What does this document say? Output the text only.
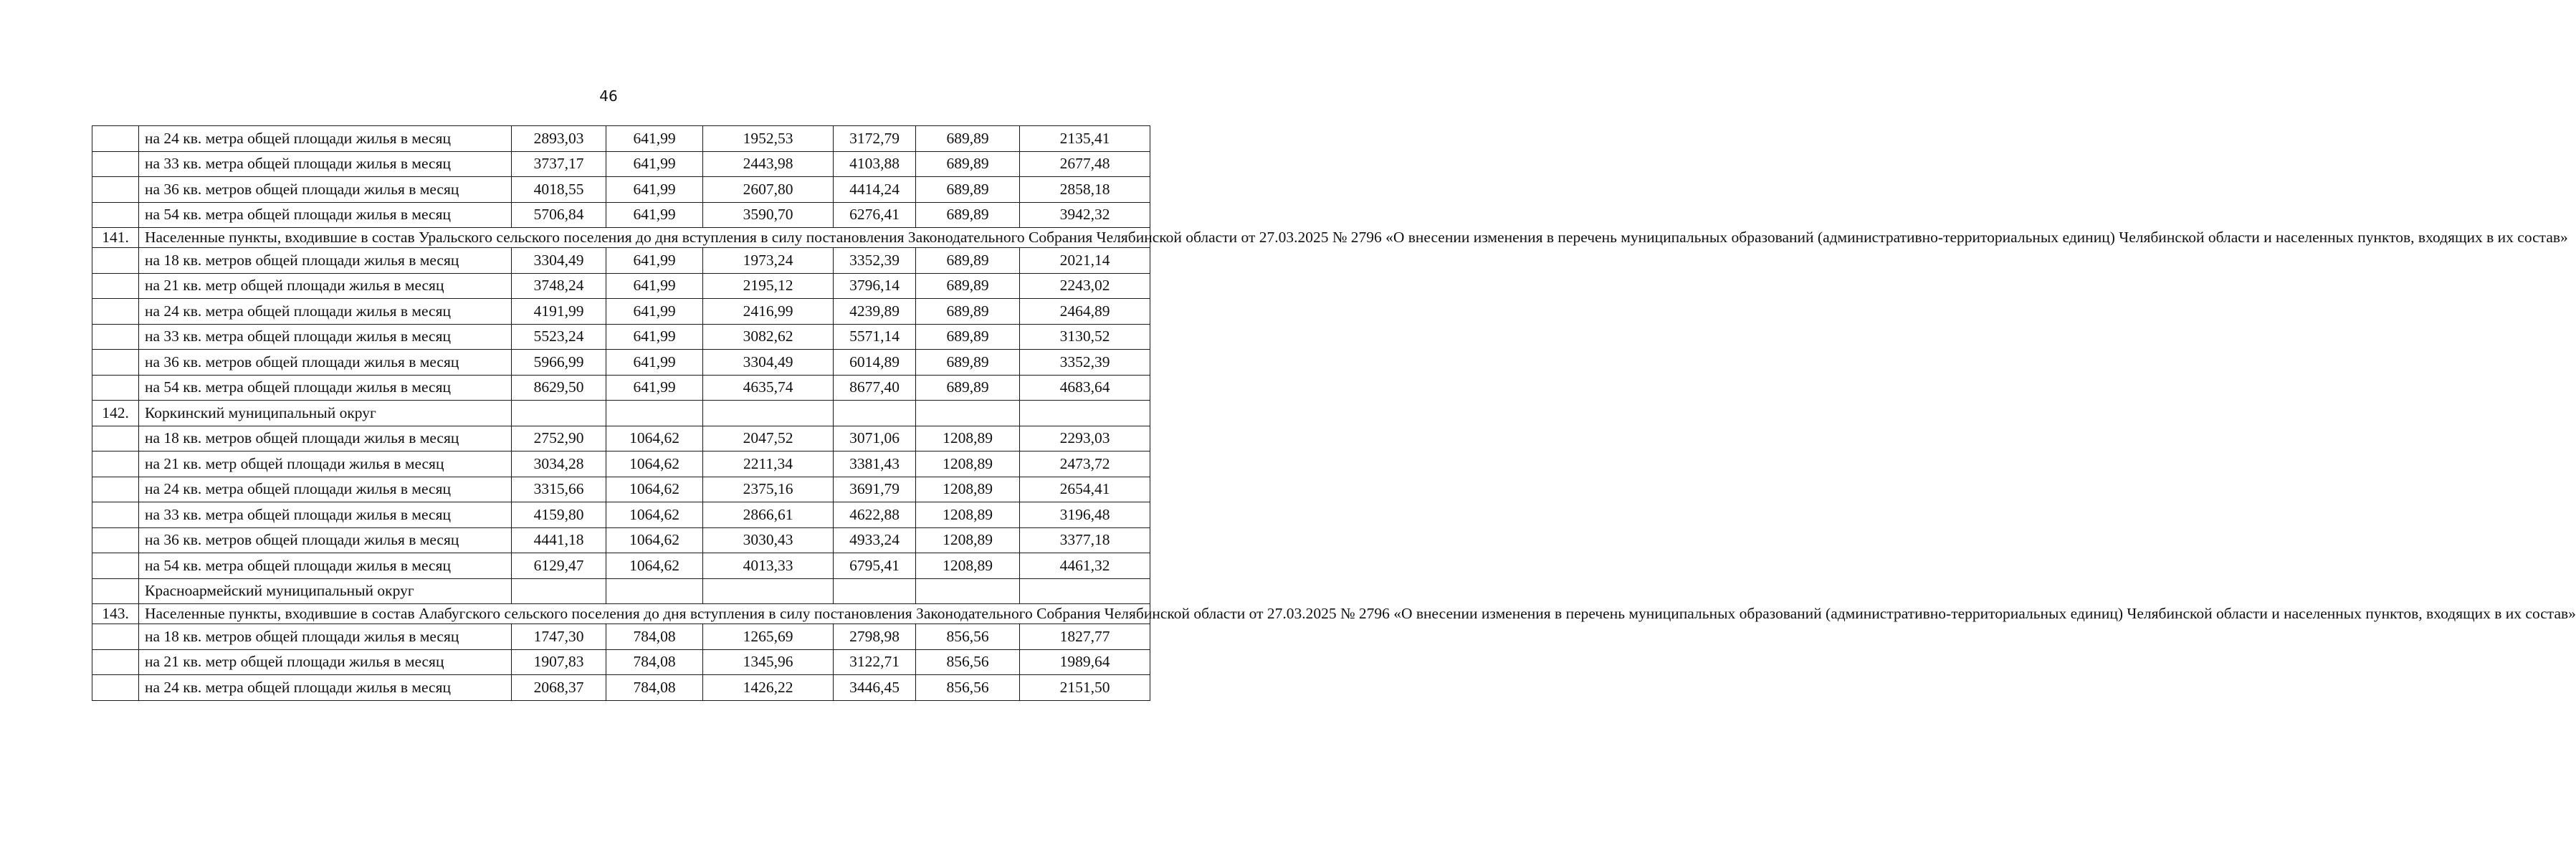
46
	на 24 кв. метра общей площади жилья в месяц	2893,03	641,99	1952,53	3172,79	689,89	2135,41
	на 33 кв. метра общей площади жилья в месяц	3737,17	641,99	2443,98	4103,88	689,89	2677,48
	на 36 кв. метров общей площади жилья в месяц	4018,55	641,99	2607,80	4414,24	689,89	2858,18
	на 54 кв. метра общей площади жилья в месяц	5706,84	641,99	3590,70	6276,41	689,89	3942,32
141.	Населенные пункты, входившие в состав Уральского сельского поселения до дня вступления в силу постановления Законодательного Собрания Челябинской области от 27.03.2025 № 2796 «О внесении изменения в перечень муниципальных образований (административно-территориальных единиц) Челябинской области и населенных пунктов, входящих в их состав»						
	на 18 кв. метров общей площади жилья в месяц	3304,49	641,99	1973,24	3352,39	689,89	2021,14
	на 21 кв. метр общей площади жилья в месяц	3748,24	641,99	2195,12	3796,14	689,89	2243,02
	на 24 кв. метра общей площади жилья в месяц	4191,99	641,99	2416,99	4239,89	689,89	2464,89
	на 33 кв. метра общей площади жилья в месяц	5523,24	641,99	3082,62	5571,14	689,89	3130,52
	на 36 кв. метров общей площади жилья в месяц	5966,99	641,99	3304,49	6014,89	689,89	3352,39
	на 54 кв. метра общей площади жилья в месяц	8629,50	641,99	4635,74	8677,40	689,89	4683,64
142.	Коркинский муниципальный округ						
	на 18 кв. метров общей площади жилья в месяц	2752,90	1064,62	2047,52	3071,06	1208,89	2293,03
	на 21 кв. метр общей площади жилья в месяц	3034,28	1064,62	2211,34	3381,43	1208,89	2473,72
	на 24 кв. метра общей площади жилья в месяц	3315,66	1064,62	2375,16	3691,79	1208,89	2654,41
	на 33 кв. метра общей площади жилья в месяц	4159,80	1064,62	2866,61	4622,88	1208,89	3196,48
	на 36 кв. метров общей площади жилья в месяц	4441,18	1064,62	3030,43	4933,24	1208,89	3377,18
	на 54 кв. метра общей площади жилья в месяц	6129,47	1064,62	4013,33	6795,41	1208,89	4461,32
	Красноармейский муниципальный округ						
143.	Населенные пункты, входившие в состав Алабугского сельского поселения до дня вступления в силу постановления Законодательного Собрания Челябинской области от 27.03.2025 № 2796 «О внесении изменения в перечень муниципальных образований (административно-территориальных единиц) Челябинской области и населенных пунктов, входящих в их состав»						
	на 18 кв. метров общей площади жилья в месяц	1747,30	784,08	1265,69	2798,98	856,56	1827,77
	на 21 кв. метр общей площади жилья в месяц	1907,83	784,08	1345,96	3122,71	856,56	1989,64
	на 24 кв. метра общей площади жилья в месяц	2068,37	784,08	1426,22	3446,45	856,56	2151,50
